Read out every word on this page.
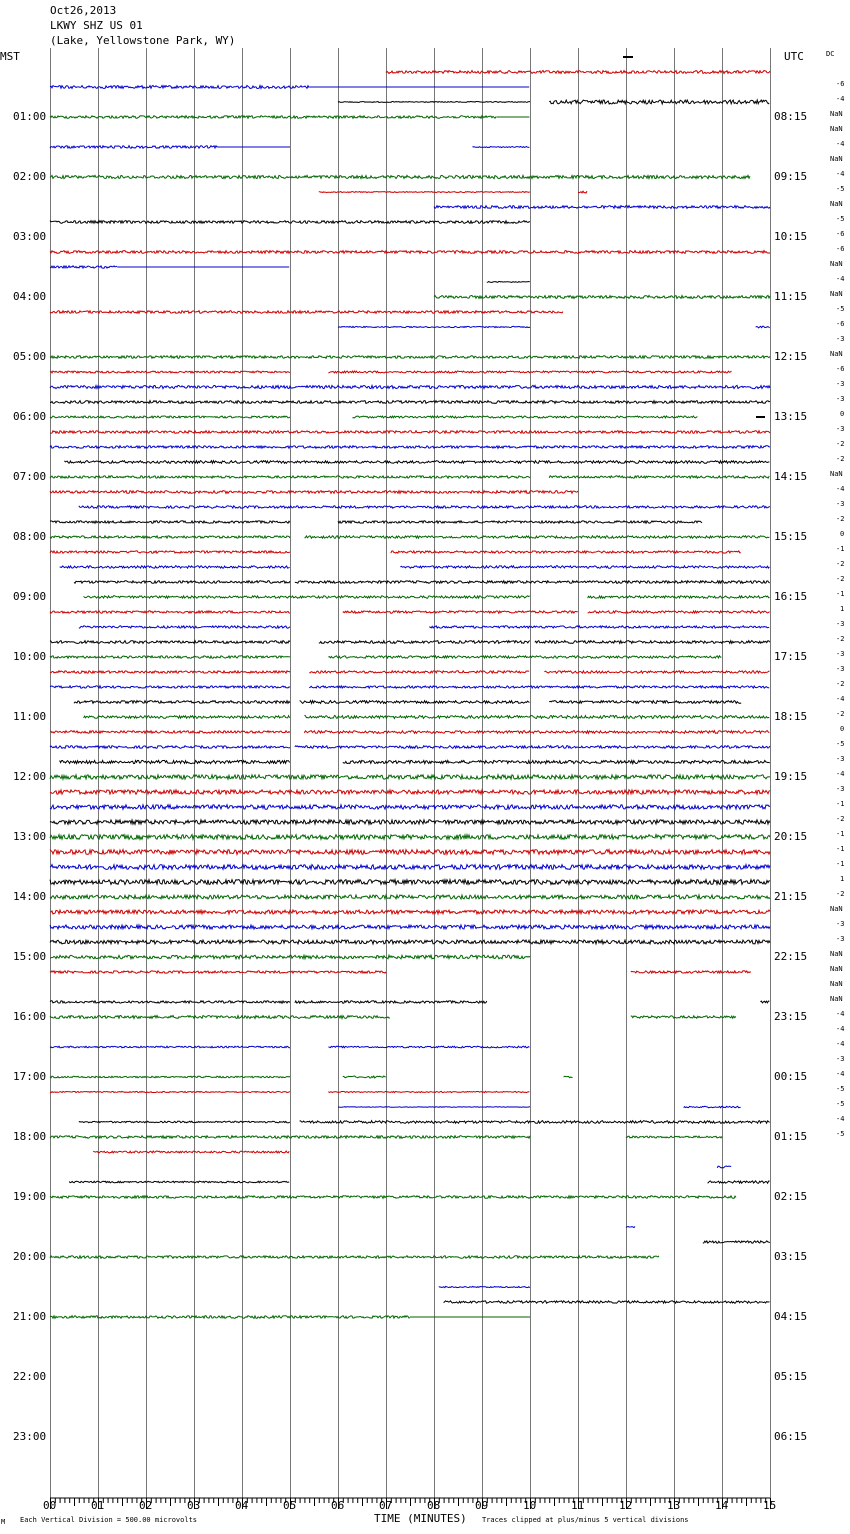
Oct26,2013
LKWY SHZ US 01
(Lake, Yellowstone Park, WY)
MST	UTC	DC
01:00
02:00
03:00
04:00
05:00
06:00
07:00
08:00
09:00
10:00
11:00
12:00
13:00
14:00
15:00
16:00
17:00
18:00
19:00
20:00
21:00
22:00
23:00
08:15
09:15
10:15
11:15
12:15
13:15
14:15
15:15
16:15
17:15
18:15
19:15
20:15
21:15
22:15
23:15
00:15
01:15
02:15
03:15
04:15
05:15
06:15
-6
-4
NaN
NaN
-4
NaN
-4
-5
NaN
-5
-6
-6
NaN
-4
NaN
-5
-6
-3
NaN
-6
-3
-3
0
-3
-2
-2
NaN
-4
-3
-2
0
-1
-2
-2
-1
1
-3
-2
-3
-3
-2
-4
-2
0
-5
-3
-4
-3
-1
-2
-1
-1
-1
1
-2
NaN
-3
-3
NaN
NaN
NaN
NaN
-4
-4
-4
-3
-4
-5
-5
-4
-5
00	01	02	03	04	05	06	07	08	09	10	11	12	13	14	15
M Each Vertical Division = 500.00 microvolts	TIME (MINUTES) Traces clipped at plus/minus 5 vertical divisions
